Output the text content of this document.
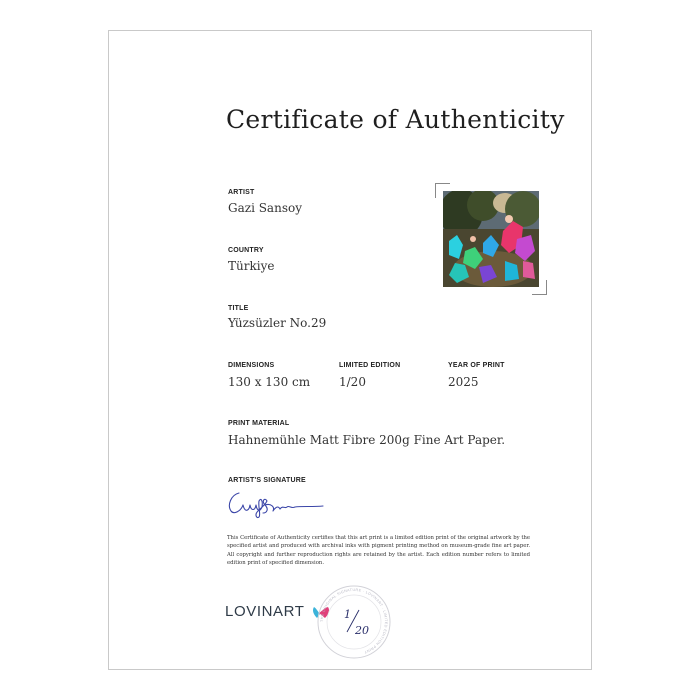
Certificate of Authenticity
ARTIST
Gazi Sansoy
COUNTRY
Türkiye
TITLE
Yüzsüzler No.29
DIMENSIONS
130 x 130 cm
LIMITED EDITION
1/20
YEAR OF PRINT
2025
PRINT MATERIAL
Hahnemühle Matt Fibre 200g Fine Art Paper.
ARTIST'S SIGNATURE
This Certificate of Authenticity certifies that this art print is a limited edition print of the original artwork by the specified artist and produced with archival inks with pigment printing method on museum-grade fine art paper. All copyright and further reproduction rights are retained by the artist. Each edition number refers to limited edition print of specified dimension.
LOVINART
THE ORIGINAL SIGNATURE · LOVINART · LIMITED EDITION PRINT
1
20
